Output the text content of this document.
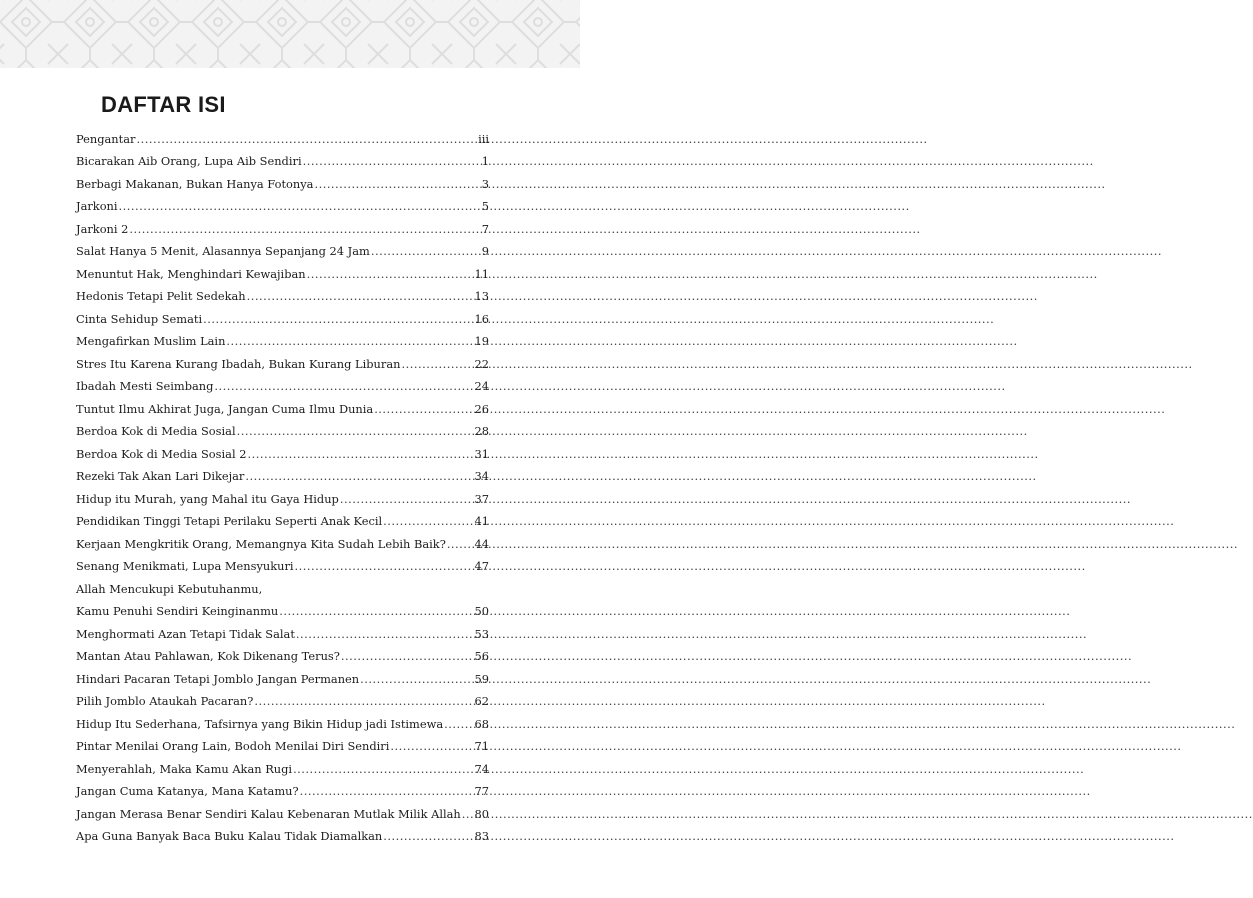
DAFTAR ISI
Pengantar .....	iii
Bicarakan Aib Orang, Lupa Aib Sendiri .....	1
Berbagi Makanan, Bukan Hanya Fotonya .....	3
Jarkoni .....	5
Jarkoni 2 .....	7
Salat Hanya 5 Menit, Alasannya Sepanjang 24 Jam .....	9
Menuntut Hak, Menghindari Kewajiban .....	11
Hedonis Tetapi Pelit Sedekah .....	13
Cinta Sehidup Semati .....	16
Mengafirkan Muslim Lain .....	19
Stres Itu Karena Kurang Ibadah, Bukan Kurang Liburan .....	22
Ibadah Mesti Seimbang .....	24
Tuntut Ilmu Akhirat Juga, Jangan Cuma Ilmu Dunia .....	26
Berdoa Kok di Media Sosial .....	28
Berdoa Kok di Media Sosial 2 .....	31
Rezeki Tak Akan Lari Dikejar .....	34
Hidup itu Murah, yang Mahal itu Gaya Hidup .....	37
Pendidikan Tinggi Tetapi Perilaku Seperti Anak Kecil .....	41
Kerjaan Mengkritik Orang, Memangnya Kita Sudah Lebih Baik? .....	44
Senang Menikmati, Lupa Mensyukuri .....	47
Allah Mencukupi Kebutuhanmu,
Kamu Penuhi Sendiri Keinginanmu .....	50
Menghormati Azan Tetapi Tidak Salat .....	53
Mantan Atau Pahlawan, Kok Dikenang Terus? .....	56
Hindari Pacaran Tetapi Jomblo Jangan Permanen .....	59
Pilih Jomblo Ataukah Pacaran? .....	62
Hidup Itu Sederhana, Tafsirnya yang Bikin Hidup jadi Istimewa .....	68
Pintar Menilai Orang Lain, Bodoh Menilai Diri Sendiri .....	71
Menyerahlah, Maka Kamu Akan Rugi .....	74
Jangan Cuma Katanya, Mana Katamu? .....	77
Jangan Merasa Benar Sendiri Kalau Kebenaran Mutlak Milik Allah ..... 80
Apa Guna Banyak Baca Buku Kalau Tidak Diamalkan .....	83
